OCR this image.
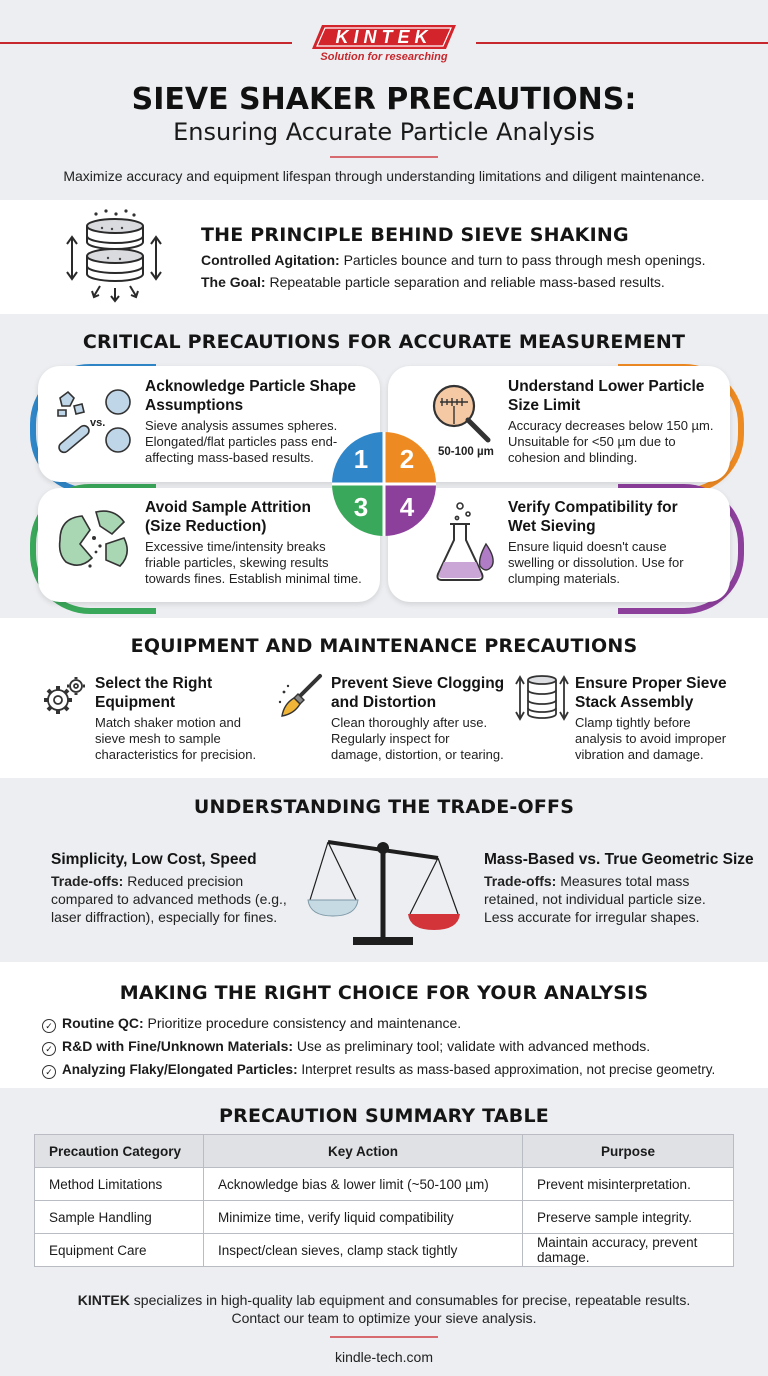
KINTEK
Solution for researching
SIEVE SHAKER PRECAUTIONS:
Ensuring Accurate Particle Analysis
Maximize accuracy and equipment lifespan through understanding limitations and diligent maintenance.
THE PRINCIPLE BEHIND SIEVE SHAKING
Controlled Agitation: Particles bounce and turn to pass through mesh openings.
The Goal: Repeatable particle separation and reliable mass-based results.
CRITICAL PRECAUTIONS FOR ACCURATE MEASUREMENT
vs.
Acknowledge Particle Shape
Assumptions
Sieve analysis assumes spheres.
Elongated/flat particles pass end-
affecting mass-based results.	50-100 µm
Understand Lower Particle
Size Limit
Accuracy decreases below 150 µm.
Unsuitable for <50 µm due to
cohesion and blinding.
Avoid Sample Attrition
(Size Reduction)
Excessive time/intensity breaks
friable particles, skewing results
towards fines. Establish minimal time.
Verify Compatibility for
Wet Sieving
Ensure liquid doesn't cause
swelling or dissolution. Use for
clumping materials.
1 2
3 4
EQUIPMENT AND MAINTENANCE PRECAUTIONS
Select the Right
Equipment
Match shaker motion and
sieve mesh to sample
characteristics for precision.
Prevent Sieve Clogging
and Distortion
Clean thoroughly after use.
Regularly inspect for
damage, distortion, or tearing.
Ensure Proper Sieve
Stack Assembly
Clamp tightly before
analysis to avoid improper
vibration and damage.
UNDERSTANDING THE TRADE-OFFS
Simplicity, Low Cost, Speed
Trade-offs: Reduced precision
compared to advanced methods (e.g.,
laser diffraction), especially for fines.
Mass-Based vs. True Geometric Size
Trade-offs: Measures total mass
retained, not individual particle size.
Less accurate for irregular shapes.
MAKING THE RIGHT CHOICE FOR YOUR ANALYSIS
✓ Routine QC: Prioritize procedure consistency and maintenance.
✓ R&D with Fine/Unknown Materials: Use as preliminary tool; validate with advanced methods.
✓ Analyzing Flaky/Elongated Particles: Interpret results as mass-based approximation, not precise geometry.
PRECAUTION SUMMARY TABLE
Precaution Category	Key Action	Purpose
Method Limitations	Acknowledge bias & lower limit (~50-100 µm)	Prevent misinterpretation.
Sample Handling	Minimize time, verify liquid compatibility	Preserve sample integrity.
Equipment Care	Inspect/clean sieves, clamp stack tightly	Maintain accuracy, prevent damage.
KINTEK specializes in high-quality lab equipment and consumables for precise, repeatable results.
Contact our team to optimize your sieve analysis.
kindle-tech.com
